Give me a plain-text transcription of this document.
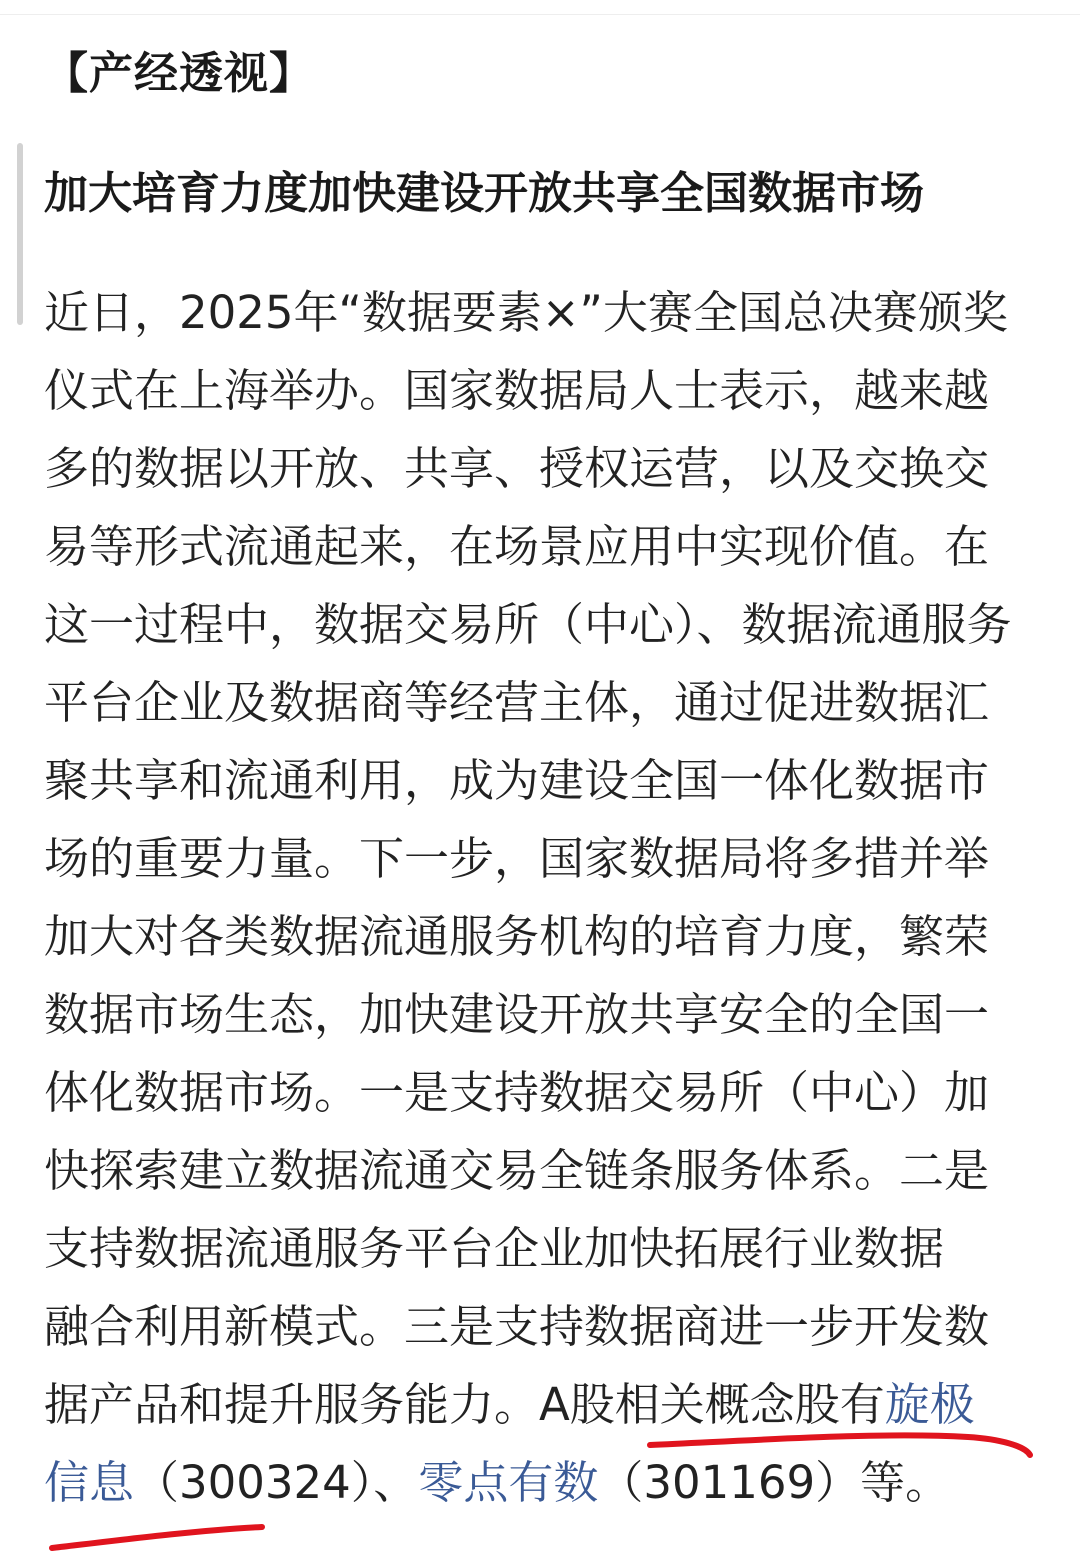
【产经透视】
加大培育力度加快建设开放共享全国数据市场
近日，2025年“数据要素×”大赛全国总决赛颁奖
仪式在上海举办。国家数据局人士表示，越来越
多的数据以开放、共享、授权运营，以及交换交
易等形式流通起来，在场景应用中实现价值。在
这一过程中，数据交易所（中心）、数据流通服务
平台企业及数据商等经营主体，通过促进数据汇
聚共享和流通利用，成为建设全国一体化数据市
场的重要力量。下一步，国家数据局将多措并举
加大对各类数据流通服务机构的培育力度，繁荣
数据市场生态，加快建设开放共享安全的全国一
体化数据市场。一是支持数据交易所（中心）加
快探索建立数据流通交易全链条服务体系。二是
支持数据流通服务平台企业加快拓展行业数据
融合利用新模式。三是支持数据商进一步开发数
据产品和提升服务能力。A股相关概念股有旋极
信息（300324）、零点有数（301169）等。
